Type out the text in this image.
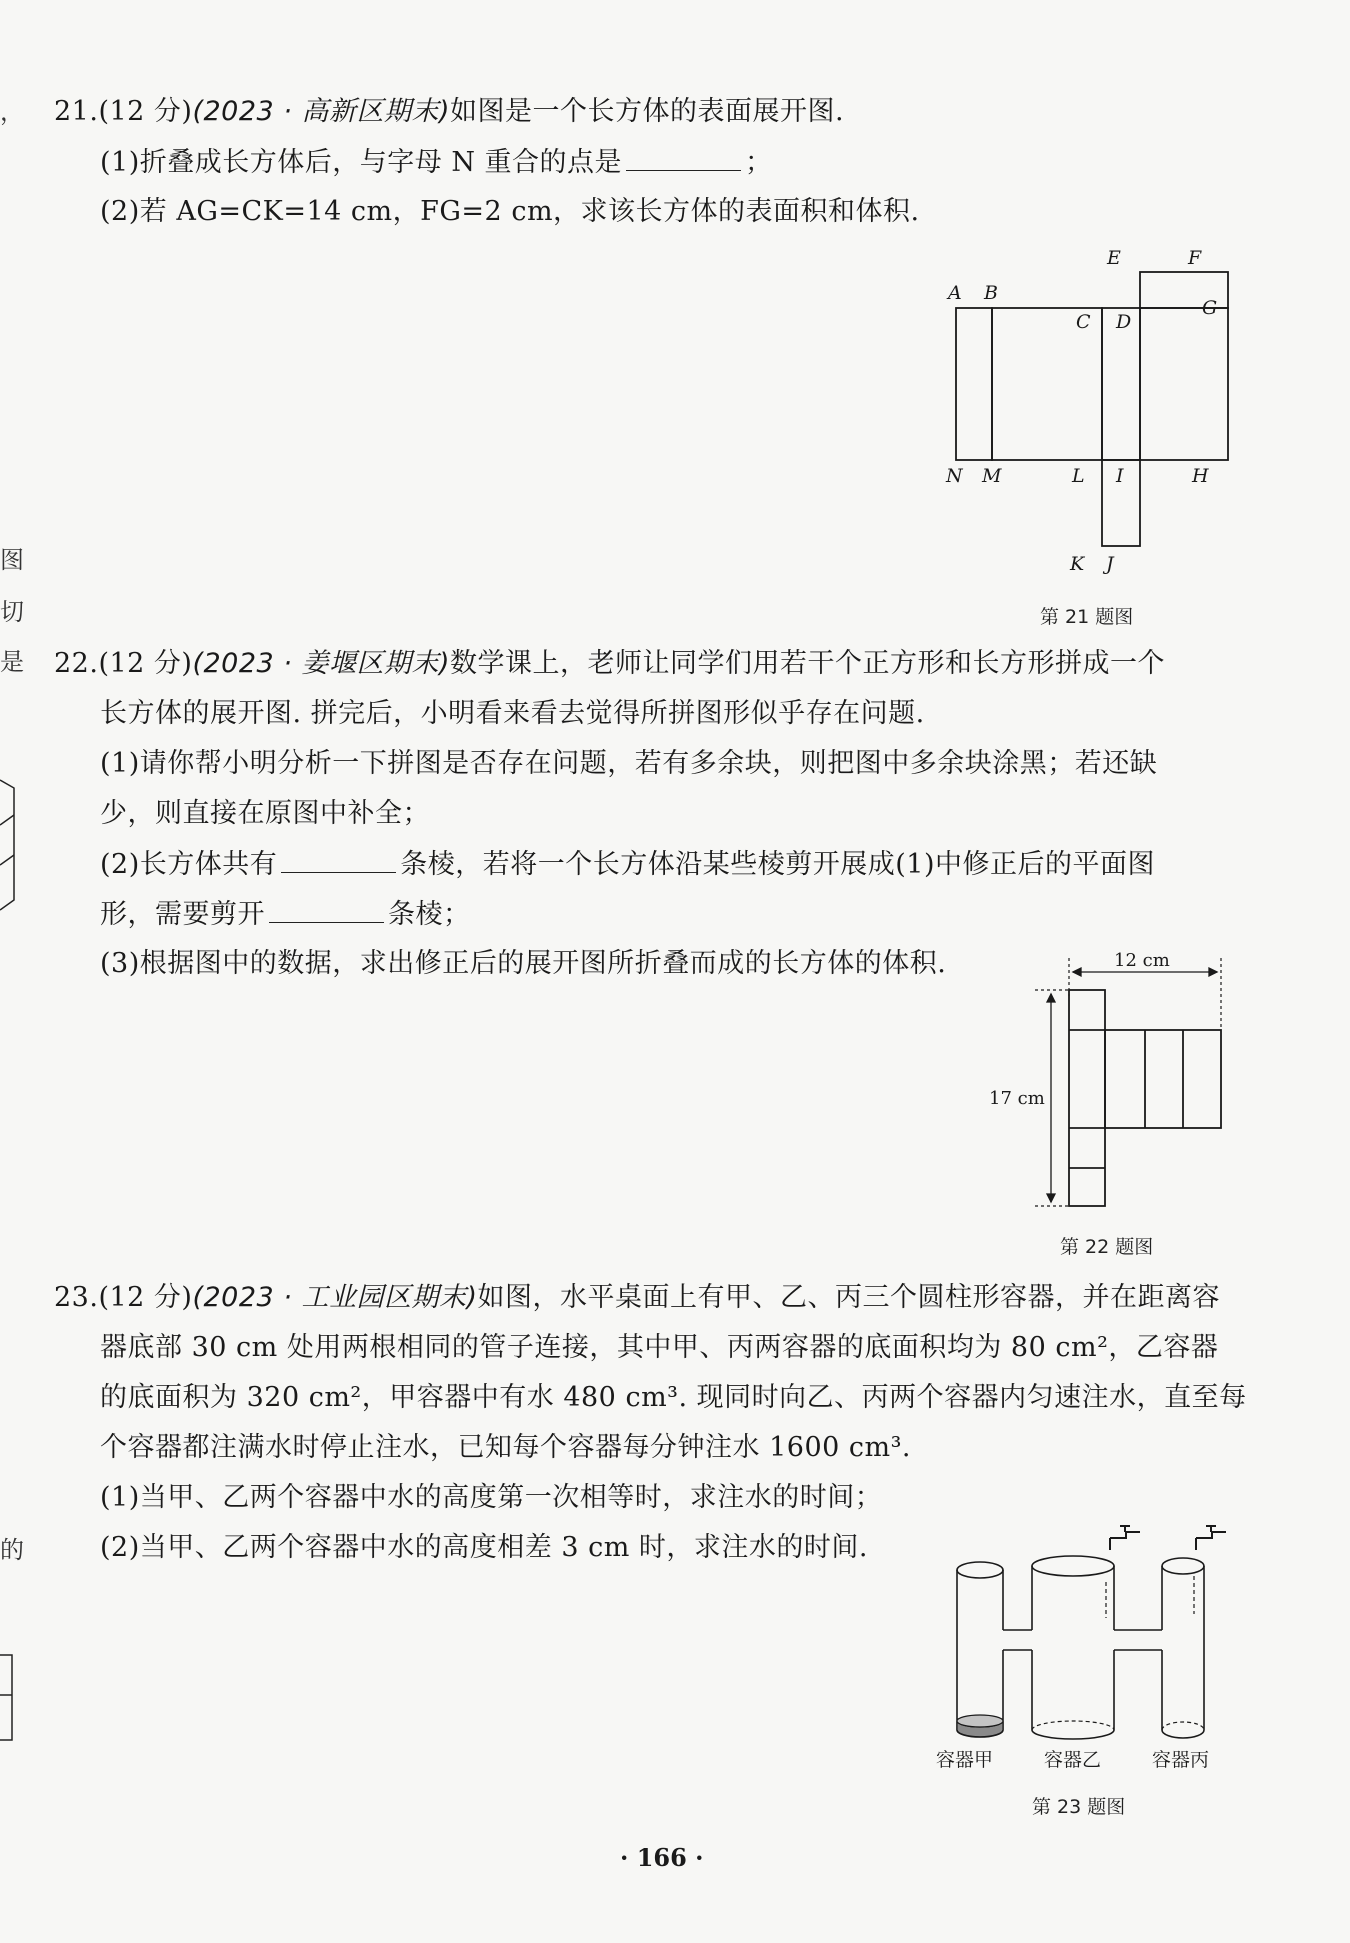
，
图
切
是
的
21.(12 分)(2023 · 高新区期末)如图是一个长方体的表面展开图.
(1)折叠成长方体后，与字母 N 重合的点是	；
(2)若 AG=CK=14 cm，FG=2 cm，求该长方体的表面积和体积.
A B
C D
E	F
G
H
I
J
K
L
M
N
第 21 题图
22.(12 分)(2023 · 姜堰区期末)数学课上，老师让同学们用若干个正方形和长方形拼成一个
长方体的展开图. 拼完后，小明看来看去觉得所拼图形似乎存在问题.
(1)请你帮小明分析一下拼图是否存在问题，若有多余块，则把图中多余块涂黑；若还缺
少，则直接在原图中补全；
(2)长方体共有	条棱，若将一个长方体沿某些棱剪开展成(1)中修正后的平面图
形，需要剪开	条棱；
(3)根据图中的数据，求出修正后的展开图所折叠而成的长方体的体积.	12 cm
17 cm
第 22 题图
23.(12 分)(2023 · 工业园区期末)如图，水平桌面上有甲、乙、丙三个圆柱形容器，并在距离容
器底部 30 cm 处用两根相同的管子连接，其中甲、丙两容器的底面积均为 80 cm²，乙容器
的底面积为 320 cm²，甲容器中有水 480 cm³. 现同时向乙、丙两个容器内匀速注水，直至每
个容器都注满水时停止注水，已知每个容器每分钟注水 1600 cm³.
(1)当甲、乙两个容器中水的高度第一次相等时，求注水的时间；
(2)当甲、乙两个容器中水的高度相差 3 cm 时，求注水的时间.
容器甲	容器乙	容器丙
第 23 题图
· 166 ·
